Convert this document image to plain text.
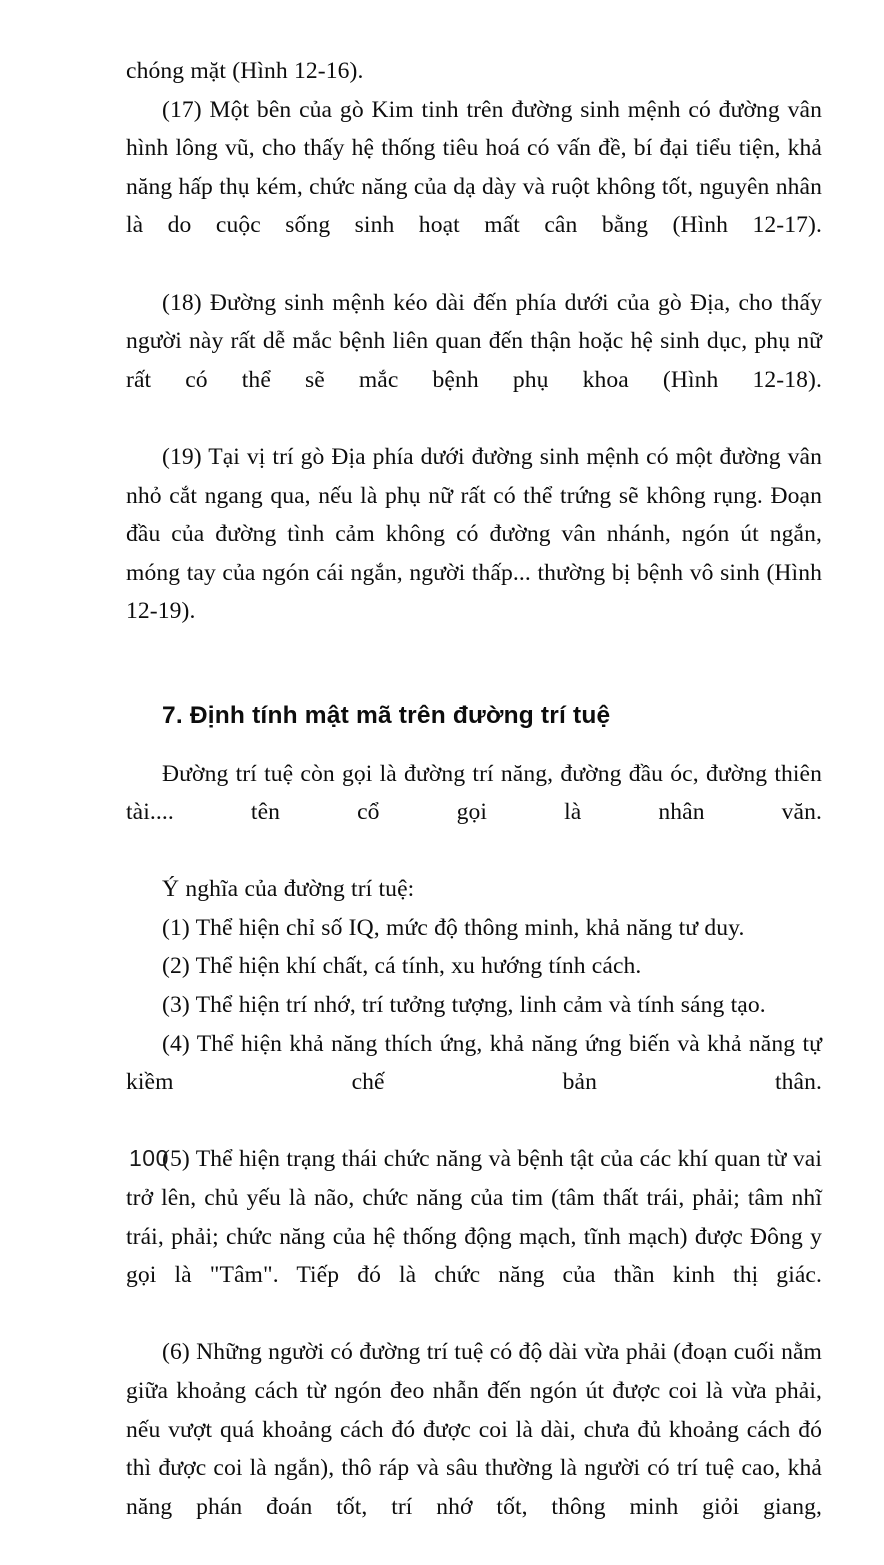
chóng mặt (Hình 12-16).

(17) Một bên của gò Kim tinh trên đường sinh mệnh có đường vân hình lông vũ, cho thấy hệ thống tiêu hoá có vấn đề, bí đại tiểu tiện, khả năng hấp thụ kém, chức năng của dạ dày và ruột không tốt, nguyên nhân là do cuộc sống sinh hoạt mất cân bằng (Hình 12-17).

(18) Đường sinh mệnh kéo dài đến phía dưới của gò Địa, cho thấy người này rất dễ mắc bệnh liên quan đến thận hoặc hệ sinh dục, phụ nữ rất có thể sẽ mắc bệnh phụ khoa (Hình 12-18).

(19) Tại vị trí gò Địa phía dưới đường sinh mệnh có một đường vân nhỏ cắt ngang qua, nếu là phụ nữ rất có thể trứng sẽ không rụng. Đoạn đầu của đường tình cảm không có đường vân nhánh, ngón út ngắn, móng tay của ngón cái ngắn, người thấp... thường bị bệnh vô sinh (Hình 12-19).

7. Định tính mật mã trên đường trí tuệ

Đường trí tuệ còn gọi là đường trí năng, đường đầu óc, đường thiên tài.... tên cổ gọi là nhân văn.

Ý nghĩa của đường trí tuệ:

(1) Thể hiện chỉ số IQ, mức độ thông minh, khả năng tư duy.

(2) Thể hiện khí chất, cá tính, xu hướng tính cách.

(3) Thể hiện trí nhớ, trí tưởng tượng, linh cảm và tính sáng tạo.

(4) Thể hiện khả năng thích ứng, khả năng ứng biến và khả năng tự kiềm chế bản thân.

(5) Thể hiện trạng thái chức năng và bệnh tật của các khí quan từ vai trở lên, chủ yếu là não, chức năng của tim (tâm thất trái, phải; tâm nhĩ trái, phải; chức năng của hệ thống động mạch, tĩnh mạch) được Đông y gọi là "Tâm". Tiếp đó là chức năng của thần kinh thị giác.

(6) Những người có đường trí tuệ có độ dài vừa phải (đoạn cuối nằm giữa khoảng cách từ ngón đeo nhẫn đến ngón út được coi là vừa phải, nếu vượt quá khoảng cách đó được coi là dài, chưa đủ khoảng cách đó thì được coi là ngắn), thô ráp và sâu thường là người có trí tuệ cao, khả năng phán đoán tốt, trí nhớ tốt, thông minh giỏi giang,

100
